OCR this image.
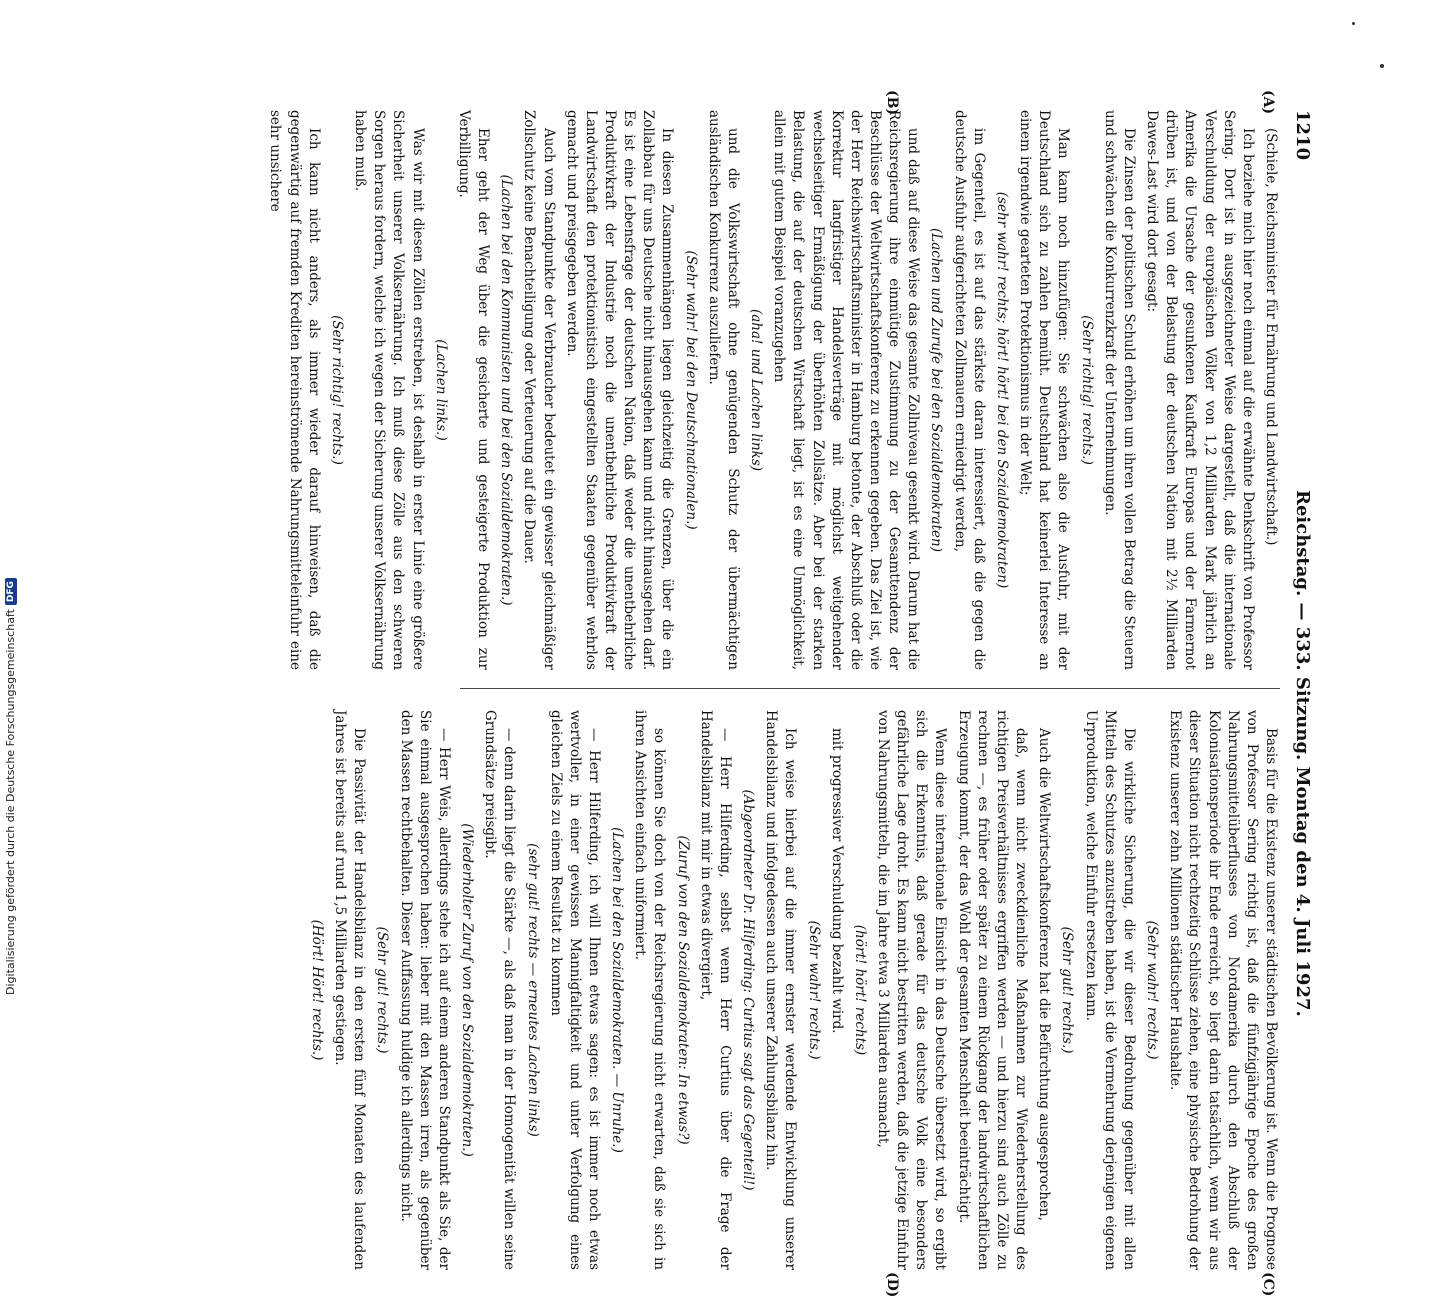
1210
Reichstag. — 333. Sitzung. Montag den 4. Juli 1927.
(A)
(B)
(C)
(D)

(Schiele, Reichsminister für Ernährung und Landwirtschaft.)

Ich beziehe mich hier noch einmal auf die erwähnte Denkschrift von Professor Sering. Dort ist in ausgezeichneter Weise dargestellt, daß die internationale Verschuldung der europäischen Völker von 1,2 Milliarden Mark jährlich an Amerika die Ursache der gesunkenen Kaufkraft Europas und der Farmernot drüben ist, und von der Belastung der deutschen Nation mit 2½ Milliarden Dawes-Last wird dort gesagt:

Die Zinsen der politischen Schuld erhöhen um ihren vollen Betrag die Steuern und schwächen die Konkurrenzkraft der Unternehmungen.

(Sehr richtig! rechts.)

Man kann noch hinzufügen: Sie schwächen also die Ausfuhr, mit der Deutschland sich zu zahlen bemüht. Deutschland hat keinerlei Interesse an einem irgendwie gearteten Protektionismus in der Welt;

(sehr wahr! rechts; hört! hört! bei den Sozialdemokraten)

im Gegenteil, es ist auf das stärkste daran interessiert, daß die gegen die deutsche Ausfuhr aufgerichteten Zollmauern erniedrigt werden,

(Lachen und Zurufe bei den Sozialdemokraten)

und daß auf diese Weise das gesamte Zollniveau gesenkt wird. Darum hat die Reichsregierung ihre einmütige Zustimmung zu der Gesamttendenz der Beschlüsse der Weltwirtschaftskonferenz zu erkennen gegeben. Das Ziel ist, wie der Herr Reichswirtschaftsminister in Hamburg betonte, der Abschluß oder die Korrektur langfristiger Handelsverträge mit möglichst weitgehender wechselseitiger Ermäßigung der überhöhten Zollsätze. Aber bei der starken Belastung, die auf der deutschen Wirtschaft liegt, ist es eine Unmöglichkeit, allein mit gutem Beispiel voranzugehen

(aha! und Lachen links)

und die Volkswirtschaft ohne genügenden Schutz der übermächtigen ausländischen Konkurrenz auszuliefern.

(Sehr wahr! bei den Deutschnationalen.)

In diesen Zusammenhängen liegen gleichzeitig die Grenzen, über die ein Zollabbau für uns Deutsche nicht hinausgehen kann und nicht hinausgehen darf. Es ist eine Lebensfrage der deutschen Nation, daß weder die unentbehrliche Produktivkraft der Industrie noch die unentbehrliche Produktivkraft der Landwirtschaft den protektionistisch eingestellten Staaten gegenüber wehrlos gemacht und preisgegeben werden.

Auch vom Standpunkte der Verbraucher bedeutet ein gewisser gleichmäßiger Zollschutz keine Benachteiligung oder Verteuerung auf die Dauer.

(Lachen bei den Kommunisten und bei den Sozialdemokraten.)

Eher geht der Weg über die gesicherte und gesteigerte Produktion zur Verbilligung.

(Lachen links.)

Was wir mit diesen Zöllen erstreben, ist deshalb in erster Linie eine größere Sicherheit unserer Volksernährung. Ich muß diese Zölle aus den schweren Sorgen heraus fordern, welche ich wegen der Sicherung unserer Volksernährung haben muß.

(Sehr richtig! rechts.)

Ich kann nicht anders, als immer wieder darauf hinweisen, daß die gegenwärtig auf fremden Krediten hereinströmende Nahrungsmitteleinfuhr eine sehr unsichere

Basis für die Existenz unserer städtischen Bevölkerung ist. Wenn die Prognose von Professor Sering richtig ist, daß die fünfzigjährige Epoche des großen Nahrungsmittelüberflusses von Nordamerika durch den Abschluß der Kolonisationsperiode ihr Ende erreicht, so liegt darin tatsächlich, wenn wir aus dieser Situation nicht rechtzeitig Schlüsse ziehen, eine physische Bedrohung der Existenz unserer zehn Millionen städtischer Haushalte.

(Sehr wahr! rechts.)

Die wirkliche Sicherung, die wir dieser Bedrohung gegenüber mit allen Mitteln des Schutzes anzustreben haben, ist die Vermehrung derjenigen eigenen Urproduktion, welche Einfuhr ersetzen kann.

(Sehr gut! rechts.)

Auch die Weltwirtschaftskonferenz hat die Befürchtung ausgesprochen,

daß, wenn nicht zweckdienliche Maßnahmen zur Wiederherstellung des richtigen Preisverhältnisses ergriffen werden — und hierzu sind auch Zölle zu rechnen —, es früher oder später zu einem Rückgang der landwirtschaftlichen Erzeugung kommt, der das Wohl der gesamten Menschheit beeinträchtigt.

Wenn diese internationale Einsicht in das Deutsche übersetzt wird, so ergibt sich die Erkenntnis, daß gerade für das deutsche Volk eine besonders gefährliche Lage droht. Es kann nicht bestritten werden, daß die jetzige Einfuhr von Nahrungsmitteln, die im Jahre etwa 3 Milliarden ausmacht,

(hört! hört! rechts)

mit progressiver Verschuldung bezahlt wird.

(Sehr wahr! rechts.)

Ich weise hierbei auf die immer ernster werdende Entwicklung unserer Handelsbilanz und infolgedessen auch unserer Zahlungsbilanz hin.

(Abgeordneter Dr. Hilferding: Curtius sagt das Gegenteil!)

— Herr Hilferding, selbst wenn Herr Curtius über die Frage der Handelsbilanz mit mir in etwas divergiert,

(Zuruf von den Sozialdemokraten: In etwas?)

so können Sie doch von der Reichsregierung nicht erwarten, daß sie sich in ihren Ansichten einfach uniformiert.

(Lachen bei den Sozialdemokraten. — Unruhe.)

— Herr Hilferding, ich will Ihnen etwas sagen: es ist immer noch etwas wertvoller, in einer gewissen Mannigfaltigkeit und unter Verfolgung eines gleichen Ziels zu einem Resultat zu kommen

(sehr gut! rechts — erneutes Lachen links)

— denn darin liegt die Stärke —, als daß man in der Homogenität willen seine Grundsätze preisgibt.

(Wiederholter Zuruf von den Sozialdemokraten.)

— Herr Weis, allerdings stehe ich auf einem anderen Standpunkt als Sie, der Sie einmal ausgesprochen haben: lieber mit den Massen irren, als gegenüber den Massen rechtbehalten. Dieser Auffassung huldige ich allerdings nicht.

(Sehr gut! rechts.)

Die Passivität der Handelsbilanz in den ersten fünf Monaten des laufenden Jahres ist bereits auf rund 1,5 Milliarden gestiegen.

(Hört! Hört! rechts.)

Digitalisierung gefördert durch die Deutsche Forschungsgemeinschaft
DFG
